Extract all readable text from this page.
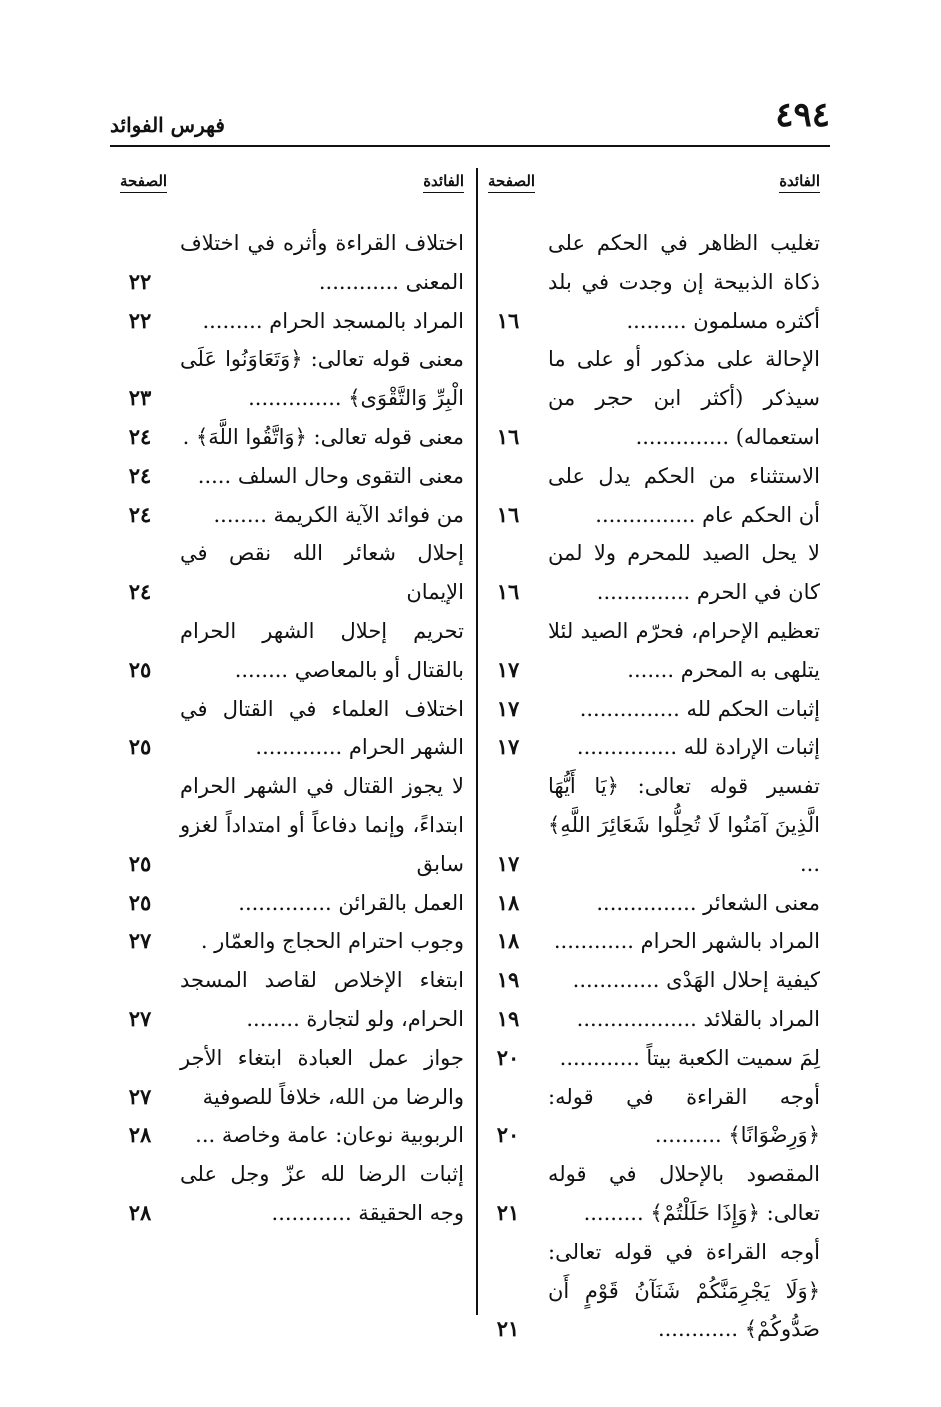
٤٩٤
فهرس الفوائد
الفائدة
الصفحة
تغليب الظاهر في الحكم على ذكاة الذبيحة إن وجدت في بلد أكثره مسلمون .........
١٦
الإحالة على مذكور أو على ما سيذكر (أكثر ابن حجر من استعماله) ..............
١٦
الاستثناء من الحكم يدل على أن الحكم عام ...............
١٦
لا يحل الصيد للمحرم ولا لمن كان في الحرم ..............
١٦
تعظيم الإحرام، فحرّم الصيد لئلا يتلهى به المحرم .......
١٧
إثبات الحكم لله ...............
١٧
إثبات الإرادة لله ...............
١٧
تفسير قوله تعالى: ﴿يَا أَيُّهَا الَّذِينَ آمَنُوا لَا تُحِلُّوا شَعَائِرَ اللَّهِ﴾ ...
١٧
معنى الشعائر ...............
١٨
المراد بالشهر الحرام ............
١٨
كيفية إحلال الهَدْى .............
١٩
المراد بالقلائد ..................
١٩
لِمَ سميت الكعبة بيتاً ............
٢٠
أوجه القراءة في قوله: ﴿وَرِضْوَانًا﴾ ..........
٢٠
المقصود بالإحلال في قوله تعالى: ﴿وَإِذَا حَلَلْتُمْ﴾ .........
٢١
أوجه القراءة في قوله تعالى: ﴿وَلَا يَجْرِمَنَّكُمْ شَنَآنُ قَوْمٍ أَن صَدُّوكُمْ﴾ ............
٢١
الفائدة
الصفحة
اختلاف القراءة وأثره في اختلاف المعنى ............
٢٢
المراد بالمسجد الحرام .........
٢٢
معنى قوله تعالى: ﴿وَتَعَاوَنُوا عَلَى الْبِرِّ وَالتَّقْوَى﴾ ..............
٢٣
معنى قوله تعالى: ﴿وَاتَّقُوا اللَّهَ﴾ .
٢٤
معنى التقوى وحال السلف .....
٢٤
من فوائد الآية الكريمة ........
٢٤
إحلال شعائر الله نقص في الإيمان
٢٤
تحريم إحلال الشهر الحرام بالقتال أو بالمعاصي ........
٢٥
اختلاف العلماء في القتال في الشهر الحرام .............
٢٥
لا يجوز القتال في الشهر الحرام ابتداءً، وإنما دفاعاً أو امتداداً لغزو سابق
٢٥
العمل بالقرائن ..............
٢٥
وجوب احترام الحجاج والعمّار .
٢٧
ابتغاء الإخلاص لقاصد المسجد الحرام، ولو لتجارة ........
٢٧
جواز عمل العبادة ابتغاء الأجر والرضا من الله، خلافاً للصوفية
٢٧
الربوبية نوعان: عامة وخاصة ...
٢٨
إثبات الرضا لله عزّ وجل على وجه الحقيقة ............
٢٨
